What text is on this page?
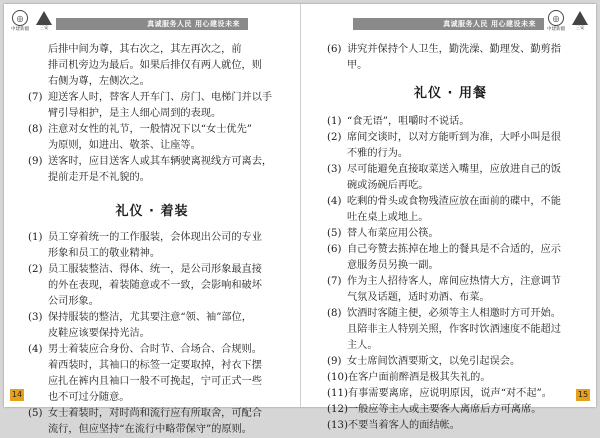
◎
中建新疆	三安
真诚服务人民 用心建设未来
后排中间为尊，其右次之，其左再次之，前
排司机旁边为最后。如果后排仅有两人就位，则
右侧为尊，左侧次之。
(7) 迎送客人时，替客人开车门、房门、电梯门并以手
臂引导相护，是主人细心周到的表现。
(8) 注意对女性的礼节，一般情况下以“女士优先”
为原则，如进出、敬茶、让座等。
(9) 送客时，应目送客人或其车辆驶离视线方可离去，
提前走开是不礼貌的。
礼仪 · 着装
(1) 员工穿着统一的工作服装，会体现出公司的专业
形象和员工的敬业精神。
(2) 员工服装整洁、得体、统一，是公司形象最直接
的外在表现，着装随意或不一致，会影响和破坏
公司形象。
(3) 保持服装的整洁，尤其要注意“领、袖”部位，
皮鞋应该要保持光洁。
(4) 男士着装应合身份、合时节、合场合、合规则。
着西装时，其袖口的标签一定要取掉，衬衣下摆
应扎在裤内且袖口一般不可挽起，宁可正式一些
也不可过分随意。
(5) 女士着装时，对时尚和流行应有所取舍，可配合
流行，但应坚持“在流行中略带保守”的原则。
14
真诚服务人民 用心建设未来
◎
中建新疆	三安
(6) 讲究并保持个人卫生，勤洗澡、勤理发、勤剪指甲。
礼仪 · 用餐
(1) “食无语”，咀嚼时不说话。
(2) 席间交谈时，以对方能听到为准，大呼小叫是很
不雅的行为。
(3) 尽可能避免直接取菜送入嘴里，应放进自己的饭
碗或汤碗后再吃。
(4) 吃剩的骨头或食物残渣应放在面前的碟中，不能
吐在桌上或地上。
(5) 替人布菜应用公筷。
(6) 自己夸赞去拣掉在地上的餐具是不合适的，应示
意服务员另换一副。
(7) 作为主人招待客人，席间应热情大方，注意调节
气氛及话题，适时劝酒、布菜。
(8) 饮酒时客随主便，必须等主人相邀时方可开始。
且陪非主人特别关照，作客时饮酒速度不能超过
主人。
(9) 女士席间饮酒要斯文，以免引起误会。
(10) 在客户面前醉酒是极其失礼的。
(11) 有事需要离席，应说明原因，说声“对不起”。
(12) 一般应等主人或主要客人离席后方可离席。
(13) 不要当着客人的面结帐。
15
